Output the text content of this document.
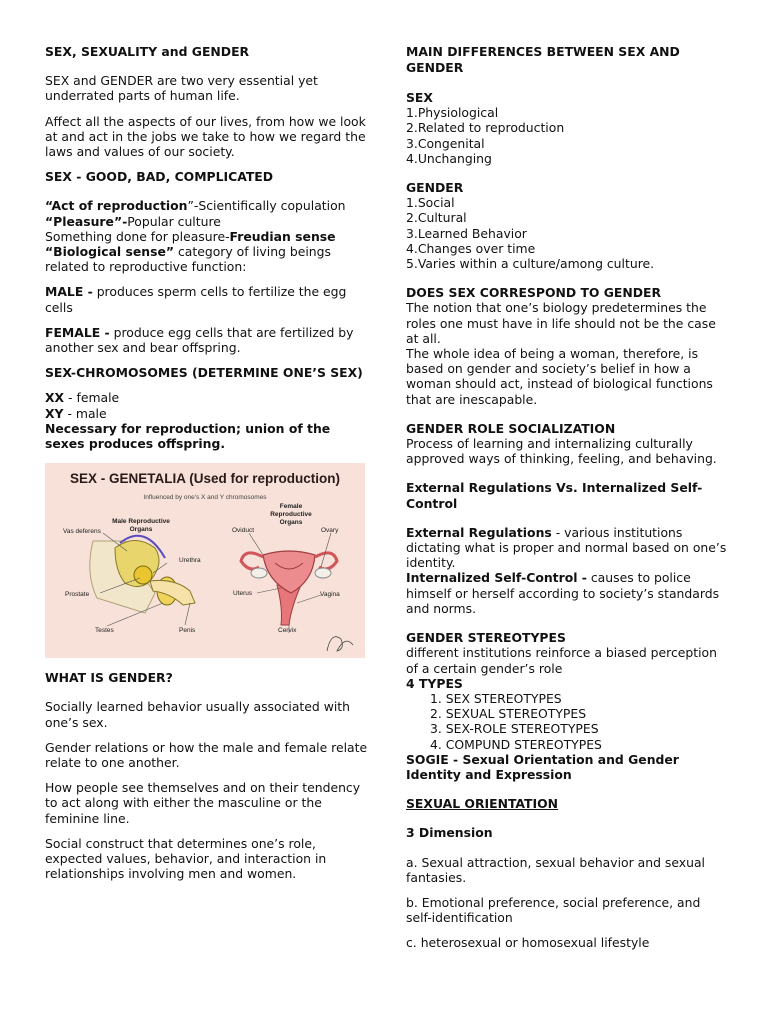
SEX, SEXUALITY and GENDER

SEX and GENDER are two very essential yet underrated parts of human life.

Affect all the aspects of our lives, from how we look at and act in the jobs we take to how we regard the laws and values of our society.

SEX - GOOD, BAD, COMPLICATED

“Act of reproduction”-Scientifically copulation

“Pleasure”-Popular culture

Something done for pleasure-Freudian sense

“Biological sense” category of living beings related to reproductive function:

MALE - produces sperm cells to fertilize the egg cells

FEMALE - produce egg cells that are fertilized by another sex and bear offspring.

SEX-CHROMOSOMES (DETERMINE ONE’S SEX)

XX - female

XY - male

Necessary for reproduction; union of the sexes produces offspring.

SEX - GENETALIA (Used for reproduction)
Influenced by one's X and Y chromosomes
Male Reproductive Organs
Female Reproductive Organs
Vas deferens
Urethra
Prostate
Testes	Penis
Oviduct	Ovary
Uterus	Vagina
Cervix

WHAT IS GENDER?

Socially learned behavior usually associated with one’s sex.

Gender relations or how the male and female relate relate to one another.

How people see themselves and on their tendency to act along with either the masculine or the feminine line.

Social construct that determines one’s role, expected values, behavior, and interaction in relationships involving men and women.

MAIN DIFFERENCES BETWEEN SEX AND GENDER

SEX

1.Physiological
2.Related to reproduction
3.Congenital
4.Unchanging

GENDER

1.Social
2.Cultural
3.Learned Behavior
4.Changes over time
5.Varies within a culture/among culture.

DOES SEX CORRESPOND TO GENDER

The notion that one’s biology predetermines the roles one must have in life should not be the case at all.

The whole idea of being a woman, therefore, is based on gender and society’s belief in how a woman should act, instead of biological functions that are inescapable.

GENDER ROLE SOCIALIZATION

Process of learning and internalizing culturally approved ways of thinking, feeling, and behaving.

External Regulations Vs. Internalized Self-Control

External Regulations - various institutions dictating what is proper and normal based on one’s identity.

Internalized Self-Control - causes to police himself or herself according to society’s standards and norms.

GENDER STEREOTYPES

different institutions reinforce a biased perception of a certain gender’s role

4 TYPES

1. SEX STEREOTYPES
2. SEXUAL STEREOTYPES
3. SEX-ROLE STEREOTYPES
4. COMPUND STEREOTYPES

SOGIE - Sexual Orientation and Gender Identity and Expression

SEXUAL ORIENTATION

3 Dimension

a. Sexual attraction, sexual behavior and sexual fantasies.

b. Emotional preference, social preference, and self-identification

c. heterosexual or homosexual lifestyle
